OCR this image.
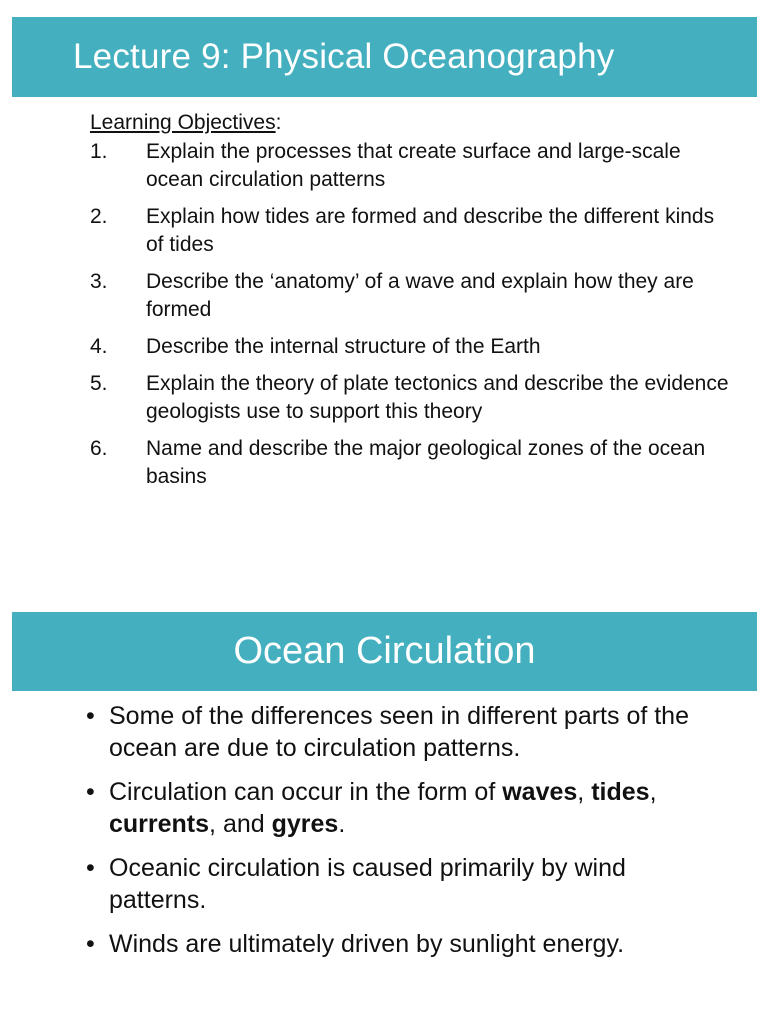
Lecture 9: Physical Oceanography
Learning Objectives:
1.	Explain the processes that create surface and large-scale ocean circulation patterns
2.	Explain how tides are formed and describe the different kinds of tides
3.	Describe the ‘anatomy’ of a wave and explain how they are formed
4.	Describe the internal structure of the Earth
5.	Explain the theory of plate tectonics and describe the evidence geologists use to support this theory
6.	Name and describe the major geological zones of the ocean basins
Ocean Circulation
• Some of the differences seen in different parts of the ocean are due to circulation patterns.
• Circulation can occur in the form of waves, tides, currents, and gyres.
• Oceanic circulation is caused primarily by wind patterns.
• Winds are ultimately driven by sunlight energy.
